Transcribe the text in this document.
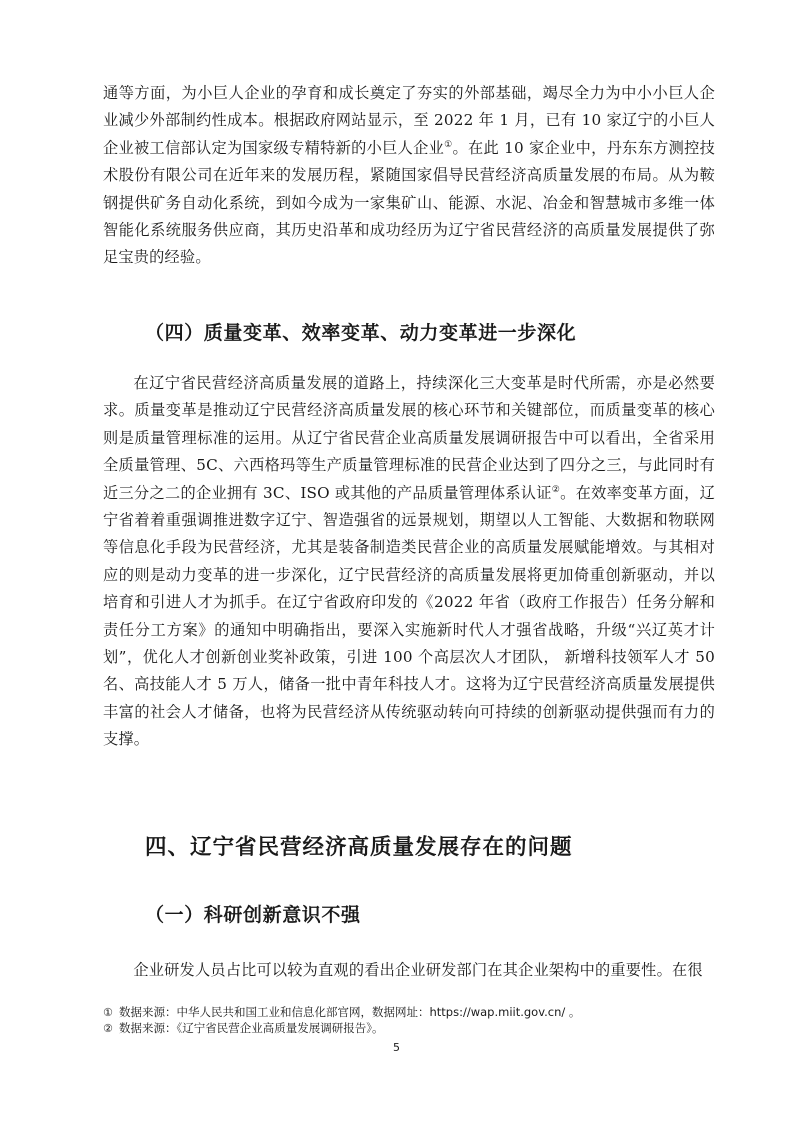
通等方面，为小巨人企业的孕育和成长奠定了夯实的外部基础，竭尽全力为中小小巨人企业减少外部制约性成本。根据政府网站显示，至 2022 年 1 月，已有 10 家辽宁的小巨人企业被工信部认定为国家级专精特新的小巨人企业①。在此 10 家企业中，丹东东方测控技术股份有限公司在近年来的发展历程，紧随国家倡导民营经济高质量发展的布局。从为鞍钢提供矿务自动化系统，到如今成为一家集矿山、能源、水泥、冶金和智慧城市多维一体智能化系统服务供应商，其历史沿革和成功经历为辽宁省民营经济的高质量发展提供了弥足宝贵的经验。

（四）质量变革、效率变革、动力变革进一步深化

在辽宁省民营经济高质量发展的道路上，持续深化三大变革是时代所需，亦是必然要求。质量变革是推动辽宁民营经济高质量发展的核心环节和关键部位，而质量变革的核心则是质量管理标准的运用。从辽宁省民营企业高质量发展调研报告中可以看出，全省采用全质量管理、5C、六西格玛等生产质量管理标准的民营企业达到了四分之三，与此同时有近三分之二的企业拥有 3C、ISO 或其他的产品质量管理体系认证②。在效率变革方面，辽宁省着着重强调推进数字辽宁、智造强省的远景规划，期望以人工智能、大数据和物联网等信息化手段为民营经济，尤其是装备制造类民营企业的高质量发展赋能增效。与其相对应的则是动力变革的进一步深化，辽宁民营经济的高质量发展将更加倚重创新驱动，并以培育和引进人才为抓手。在辽宁省政府印发的《2022 年省（政府工作报告）任务分解和责任分工方案》的通知中明确指出，要深入实施新时代人才强省战略，升级“兴辽英才计划”，优化人才创新创业奖补政策，引进 100 个高层次人才团队， 新增科技领军人才 50 名、高技能人才 5 万人，储备一批中青年科技人才。这将为辽宁民营经济高质量发展提供丰富的社会人才储备，也将为民营经济从传统驱动转向可持续的创新驱动提供强而有力的支撑。

四、辽宁省民营经济高质量发展存在的问题
（一）科研创新意识不强

企业研发人员占比可以较为直观的看出企业研发部门在其企业架构中的重要性。在很

① 数据来源：中华人民共和国工业和信息化部官网，数据网址：https://wap.miit.gov.cn/ 。
② 数据来源：《辽宁省民营企业高质量发展调研报告》。
5
